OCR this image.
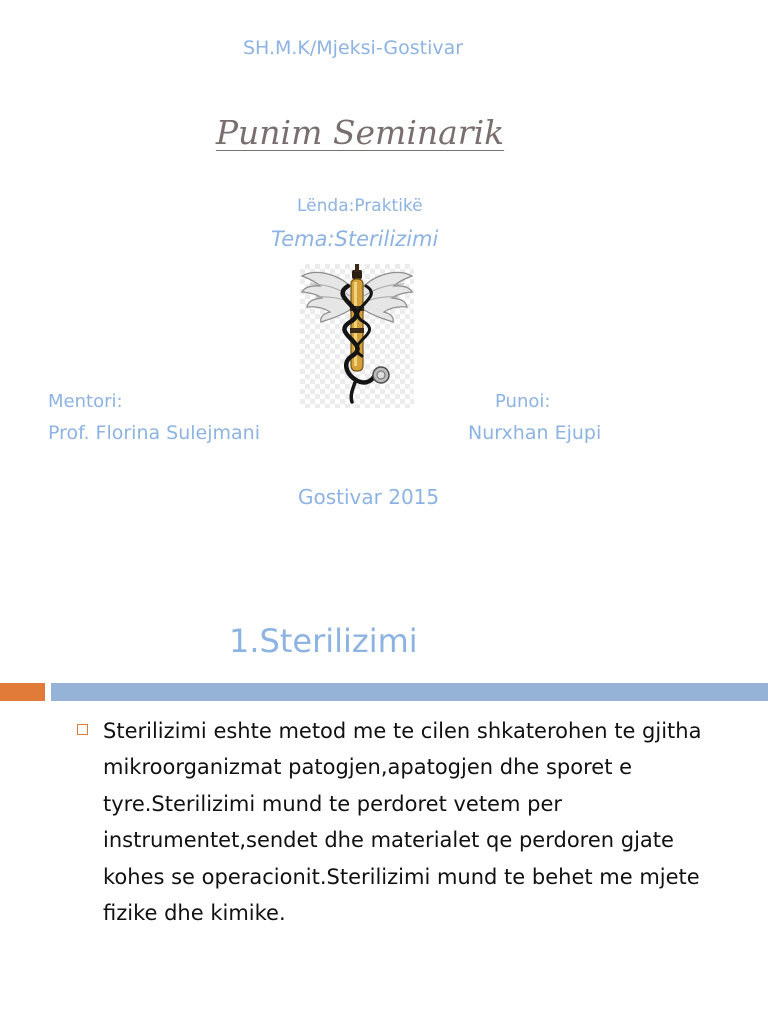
SH.M.K/Mjeksi-Gostivar
Punim Seminarik
Lënda:Praktikë
Tema:Sterilizimi
Mentori:
Prof. Florina Sulejmani
Punoi:
Nurxhan Ejupi
Gostivar 2015
1.Sterilizimi
Sterilizimi eshte metod me te cilen shkaterohen te gjitha mikroorganizmat patogjen,apatogjen dhe sporet e tyre.Sterilizimi mund te perdoret vetem per instrumentet,sendet dhe materialet qe perdoren gjate kohes se operacionit.Sterilizimi mund te behet me mjete fizike dhe kimike.
